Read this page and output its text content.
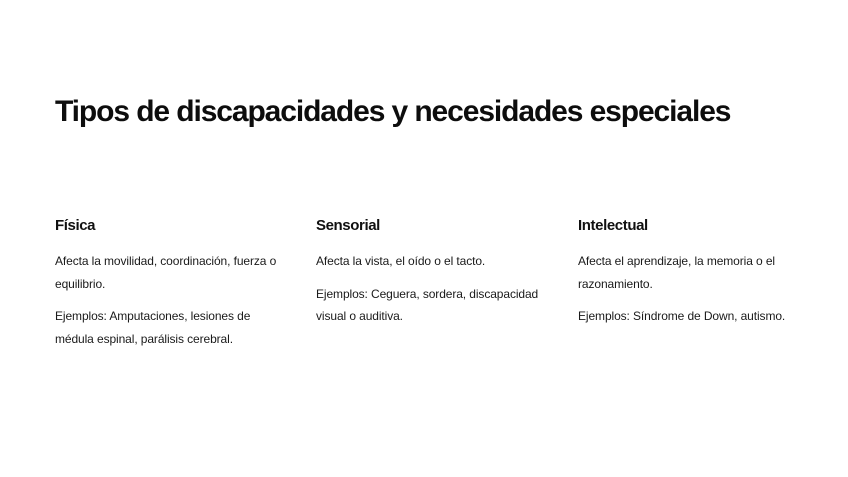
Tipos de discapacidades y necesidades especiales
Física

Afecta la movilidad, coordinación, fuerza o equilibrio.

Ejemplos: Amputaciones, lesiones de médula espinal, parálisis cerebral.

Sensorial

Afecta la vista, el oído o el tacto.

Ejemplos: Ceguera, sordera, discapacidad visual o auditiva.

Intelectual

Afecta el aprendizaje, la memoria o el razonamiento.

Ejemplos: Síndrome de Down, autismo.
